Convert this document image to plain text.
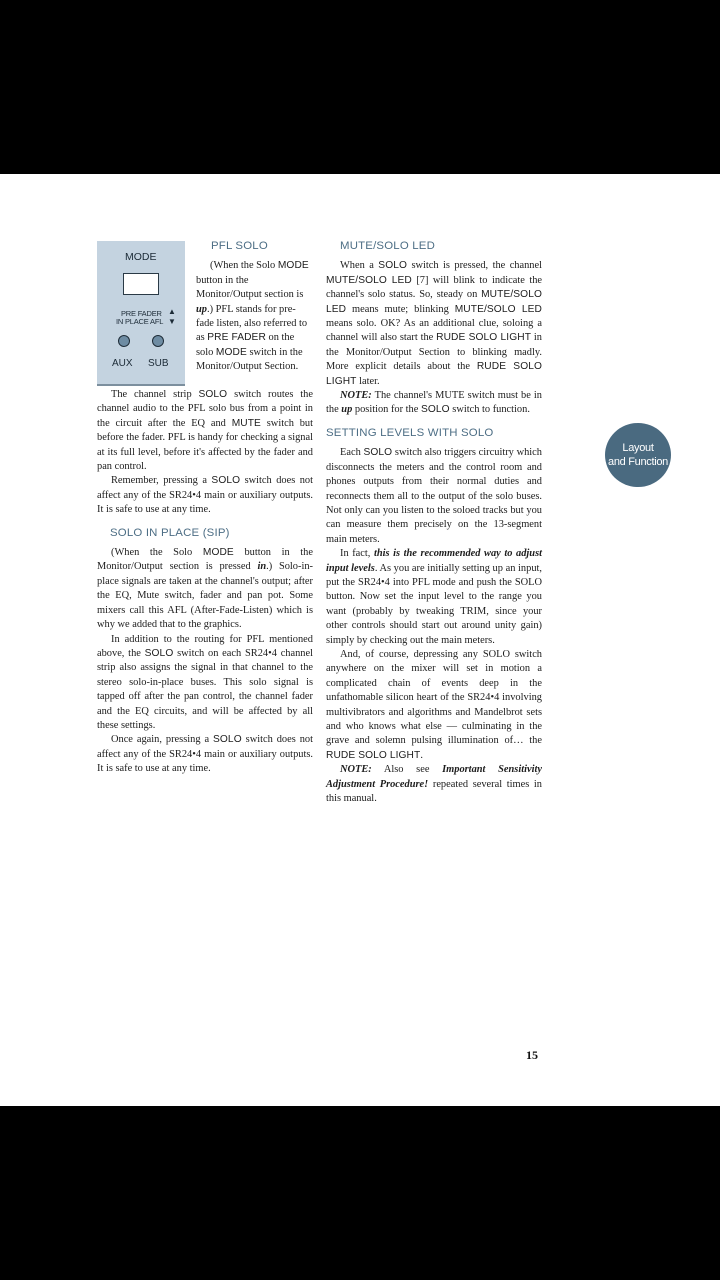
MODE
PRE FADER
IN PLACE AFL
▲
▼
AUX SUB

PFL SOLO

(When the Solo MODE button in the Monitor/Output section is up.) PFL stands for pre-fade listen, also referred to as PRE FADER on the solo MODE switch in the Monitor/Output Section.

The channel strip SOLO switch routes the channel audio to the PFL solo bus from a point in the circuit after the EQ and MUTE switch but before the fader. PFL is handy for checking a signal at its full level, before it's affected by the fader and pan control.

Remember, pressing a SOLO switch does not affect any of the SR24•4 main or auxiliary outputs. It is safe to use at any time.

SOLO IN PLACE (SIP)

(When the Solo MODE button in the Monitor/Output section is pressed in.) Solo-in-place signals are taken at the channel's output; after the EQ, Mute switch, fader and pan pot. Some mixers call this AFL (After-Fade-Listen) which is why we added that to the graphics.

In addition to the routing for PFL mentioned above, the SOLO switch on each SR24•4 channel strip also assigns the signal in that channel to the stereo solo-in-place buses. This solo signal is tapped off after the pan control, the channel fader and the EQ circuits, and will be affected by all these settings.

Once again, pressing a SOLO switch does not affect any of the SR24•4 main or auxiliary outputs. It is safe to use at any time.

MUTE/SOLO LED

When a SOLO switch is pressed, the channel MUTE/SOLO LED [7] will blink to indicate the channel's solo status. So, steady on MUTE/SOLO LED means mute; blinking MUTE/SOLO LED means solo. OK? As an additional clue, soloing a channel will also start the RUDE SOLO LIGHT in the Monitor/Output Section to blinking madly. More explicit details about the RUDE SOLO LIGHT later.

NOTE: The channel's MUTE switch must be in the up position for the SOLO switch to function.

SETTING LEVELS WITH SOLO

Each SOLO switch also triggers circuitry which disconnects the meters and the control room and phones outputs from their normal duties and reconnects them all to the output of the solo buses. Not only can you listen to the soloed tracks but you can measure them precisely on the 13-segment main meters.

In fact, this is the recommended way to adjust input levels. As you are initially setting up an input, put the SR24•4 into PFL mode and push the SOLO button. Now set the input level to the range you want (probably by tweaking TRIM, since your other controls should start out around unity gain) simply by checking out the main meters.

And, of course, depressing any SOLO switch anywhere on the mixer will set in motion a complicated chain of events deep in the unfathomable silicon heart of the SR24•4 involving multivibrators and algorithms and Mandelbrot sets and who knows what else — culminating in the grave and solemn pulsing illumination of… the RUDE SOLO LIGHT.

NOTE: Also see Important Sensitivity Adjustment Procedure! repeated several times in this manual.

Layout
and Function
15
